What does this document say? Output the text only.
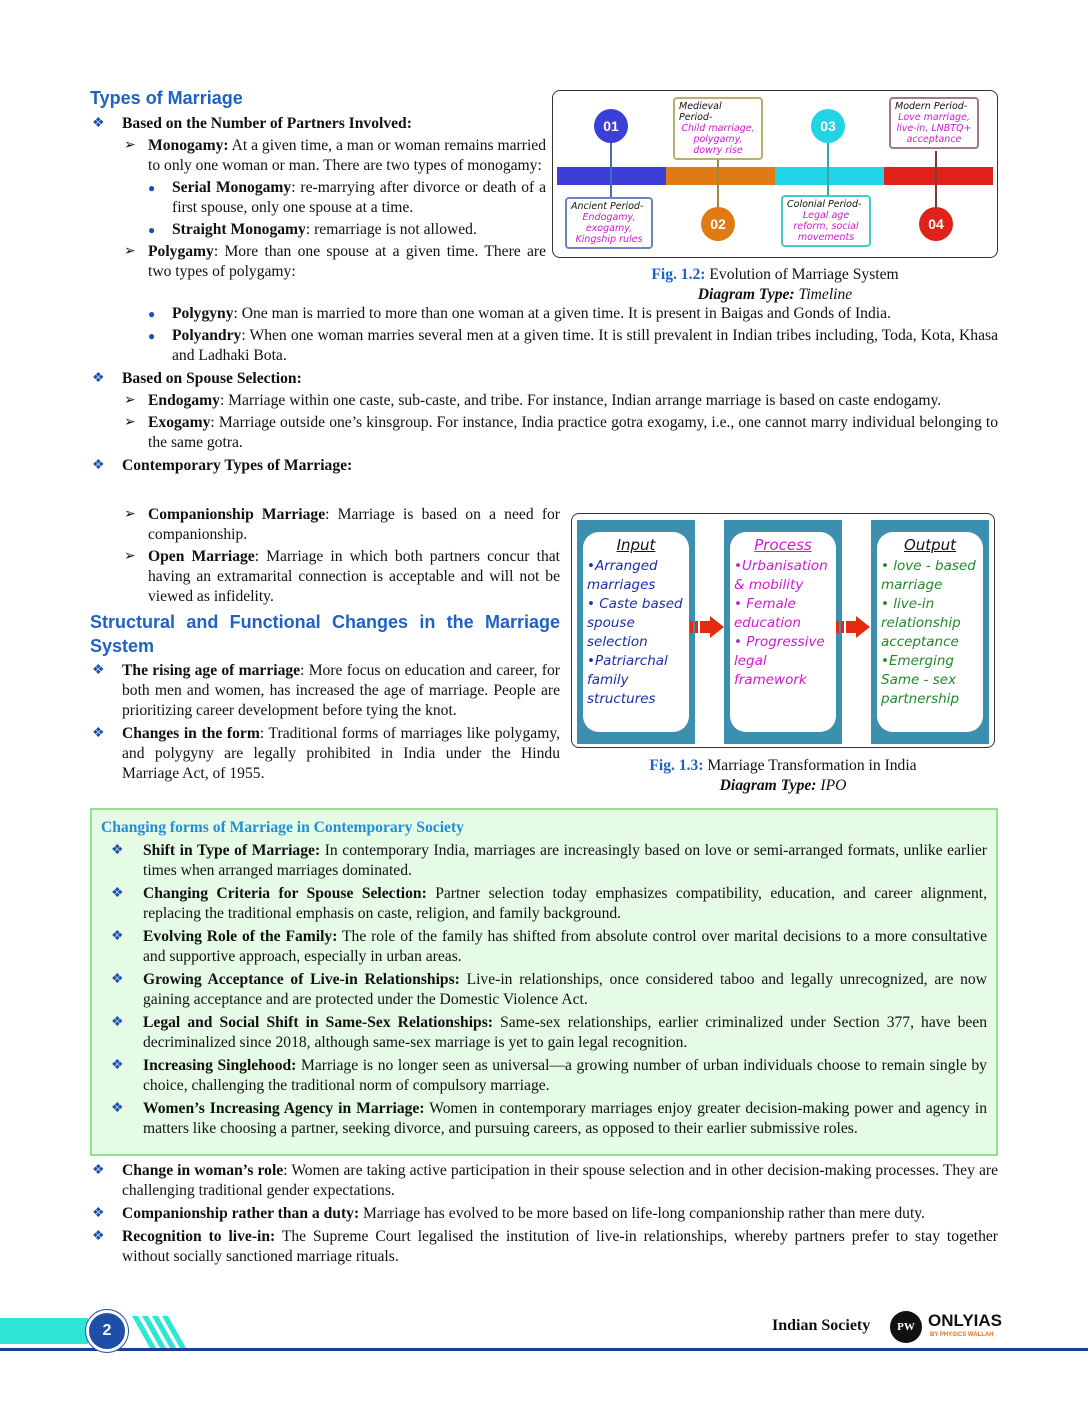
Types of Marriage
❖ Based on the Number of Partners Involved:
➢ Monogamy: At a given time, a man or woman remains married to only one woman or man. There are two types of monogamy:
● Serial Monogamy: re-marrying after divorce or death of a first spouse, only one spouse at a time.
● Straight Monogamy: remarriage is not allowed.
➢ Polygamy: More than one spouse at a given time. There are two types of polygamy:
01
02
03
04
Ancient Period-
Endogamy, exogamy, Kingship rules
Medieval Period-
Child marriage, polygamy, dowry rise
Colonial Period-
Legal age reform, social movements
Modern Period-
Love marriage, live-in, LNBTQ+ acceptance
Fig. 1.2: Evolution of Marriage System
Diagram Type: Timeline
● Polygyny: One man is married to more than one woman at a given time. It is present in Baigas and Gonds of India.
● Polyandry: When one woman marries several men at a given time. It is still prevalent in Indian tribes including, Toda, Kota, Khasa and Ladhaki Bota.
❖ Based on Spouse Selection:
➢ Endogamy: Marriage within one caste, sub-caste, and tribe. For instance, Indian arrange marriage is based on caste endogamy.
➢ Exogamy: Marriage outside one’s kinsgroup. For instance, India practice gotra exogamy, i.e., one cannot marry individual belonging to the same gotra.
❖ Contemporary Types of Marriage:
➢ Companionship Marriage: Marriage is based on a need for companionship.
➢ Open Marriage: Marriage in which both partners concur that having an extramarital connection is acceptable and will not be viewed as infidelity.
Structural and Functional Changes in the Marriage System
❖ The rising age of marriage: More focus on education and career, for both men and women, has increased the age of marriage. People are prioritizing career development before tying the knot.
❖ Changes in the form: Traditional forms of marriages like polygamy, and polygyny are legally prohibited in India under the Hindu Marriage Act, of 1955.
Input
•Arranged marriages
• Caste based spouse selection
•Patriarchal family structures
Process
•Urbanisation & mobility
• Female education
• Progressive legal framework
Output
• love - based marriage
• live-in relationship acceptance
•Emerging Same - sex partnership
Fig. 1.3: Marriage Transformation in India
Diagram Type: IPO
Changing forms of Marriage in Contemporary Society
❖ Shift in Type of Marriage: In contemporary India, marriages are increasingly based on love or semi-arranged formats, unlike earlier times when arranged marriages dominated.
❖ Changing Criteria for Spouse Selection: Partner selection today emphasizes compatibility, education, and career alignment, replacing the traditional emphasis on caste, religion, and family background.
❖ Evolving Role of the Family: The role of the family has shifted from absolute control over marital decisions to a more consultative and supportive approach, especially in urban areas.
❖ Growing Acceptance of Live-in Relationships: Live-in relationships, once considered taboo and legally unrecognized, are now gaining acceptance and are protected under the Domestic Violence Act.
❖ Legal and Social Shift in Same-Sex Relationships: Same-sex relationships, earlier criminalized under Section 377, have been decriminalized since 2018, although same-sex marriage is yet to gain legal recognition.
❖ Increasing Singlehood: Marriage is no longer seen as universal—a growing number of urban individuals choose to remain single by choice, challenging the traditional norm of compulsory marriage.
❖ Women’s Increasing Agency in Marriage: Women in contemporary marriages enjoy greater decision-making power and agency in matters like choosing a partner, seeking divorce, and pursuing careers, as opposed to their earlier submissive roles.
❖ Change in woman’s role: Women are taking active participation in their spouse selection and in other decision-making processes. They are challenging traditional gender expectations.
❖ Companionship rather than a duty: Marriage has evolved to be more based on life-long companionship rather than mere duty.
❖ Recognition to live-in: The Supreme Court legalised the institution of live-in relationships, whereby partners prefer to stay together without socially sanctioned marriage rituals.
2	Indian Society	PW ONLYIAS
BY PHYSICS WALLAH
